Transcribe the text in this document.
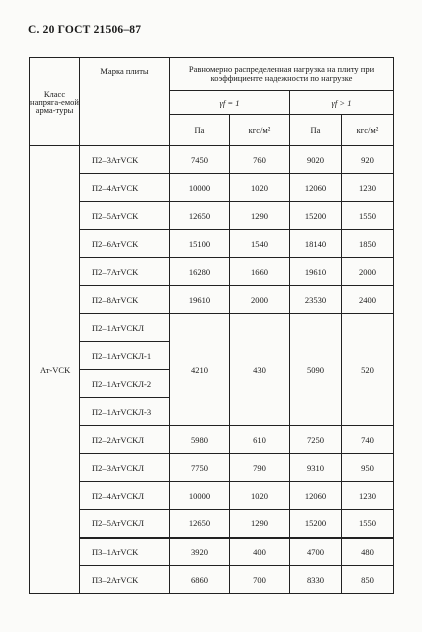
С. 20 ГОСТ 21506–87
Класс напряга-емой арма-туры	Марка плиты	Равномерно распределенная нагрузка на плиту при коэффициенте надежности по нагрузке			
		γf = 1		γf > 1	
		Па	кгс/м²	Па	кгс/м²
Ат-VCK	П2–3АтVCK	7450	760	9020	920
	П2–4АтVCK	10000	1020	12060	1230
	П2–5АтVCK	12650	1290	15200	1550
	П2–6АтVCK	15100	1540	18140	1850
	П2–7АтVCK	16280	1660	19610	2000
	П2–8АтVCK	19610	2000	23530	2400
	П2–1АтVCKЛ	4210	430	5090	520
	П2–1АтVCKЛ-1				
	П2–1АтVCKЛ-2				
	П2–1АтVCKЛ-3				
	П2–2АтVCKЛ	5980	610	7250	740
	П2–3АтVCKЛ	7750	790	9310	950
	П2–4АтVCKЛ	10000	1020	12060	1230
	П2–5АтVCKЛ	12650	1290	15200	1550
	П3–1АтVCK	3920	400	4700	480
	П3–2АтVCK	6860	700	8330	850
